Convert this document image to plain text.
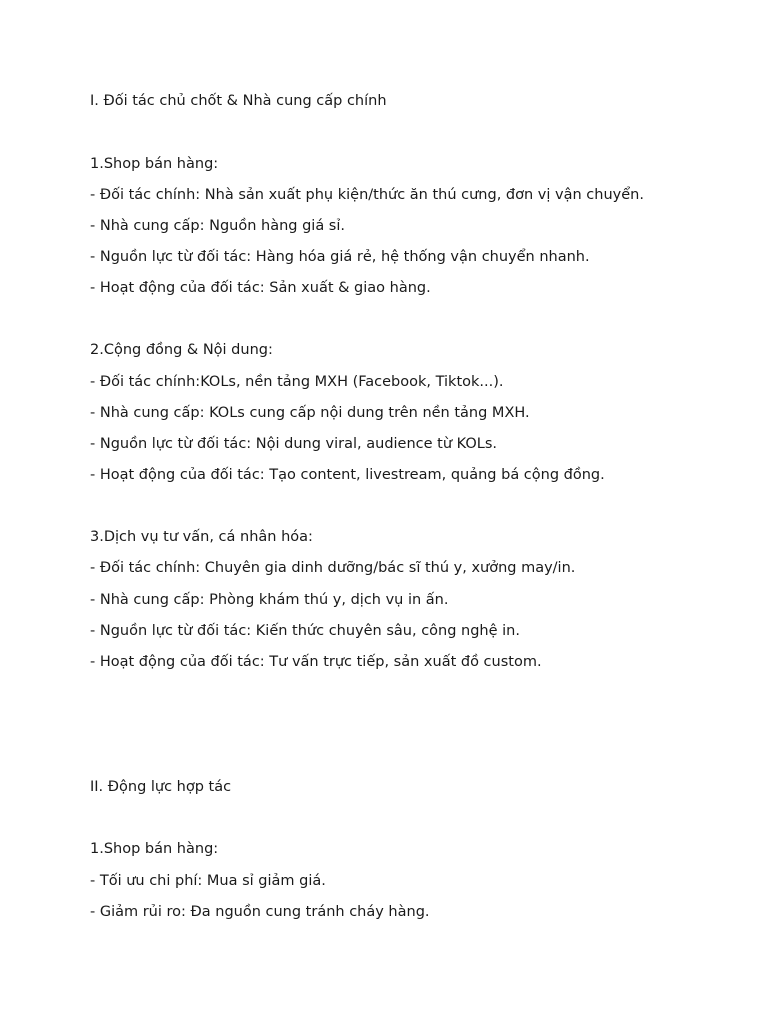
I. Đối tác chủ chốt & Nhà cung cấp chính
1.Shop bán hàng:
- Đối tác chính: Nhà sản xuất phụ kiện/thức ăn thú cưng, đơn vị vận chuyển.
- Nhà cung cấp: Nguồn hàng giá sỉ.
- Nguồn lực từ đối tác: Hàng hóa giá rẻ, hệ thống vận chuyển nhanh.
- Hoạt động của đối tác: Sản xuất & giao hàng.
2.Cộng đồng & Nội dung:
- Đối tác chính:KOLs, nền tảng MXH (Facebook, Tiktok...).
- Nhà cung cấp: KOLs cung cấp nội dung trên nền tảng MXH.
- Nguồn lực từ đối tác: Nội dung viral, audience từ KOLs.
- Hoạt động của đối tác: Tạo content, livestream, quảng bá cộng đồng.
3.Dịch vụ tư vấn, cá nhân hóa:
- Đối tác chính: Chuyên gia dinh dưỡng/bác sĩ thú y, xưởng may/in.
- Nhà cung cấp: Phòng khám thú y, dịch vụ in ấn.
- Nguồn lực từ đối tác: Kiến thức chuyên sâu, công nghệ in.
- Hoạt động của đối tác: Tư vấn trực tiếp, sản xuất đồ custom.
II. Động lực hợp tác
1.Shop bán hàng:
- Tối ưu chi phí: Mua sỉ giảm giá.
- Giảm rủi ro: Đa nguồn cung tránh cháy hàng.
